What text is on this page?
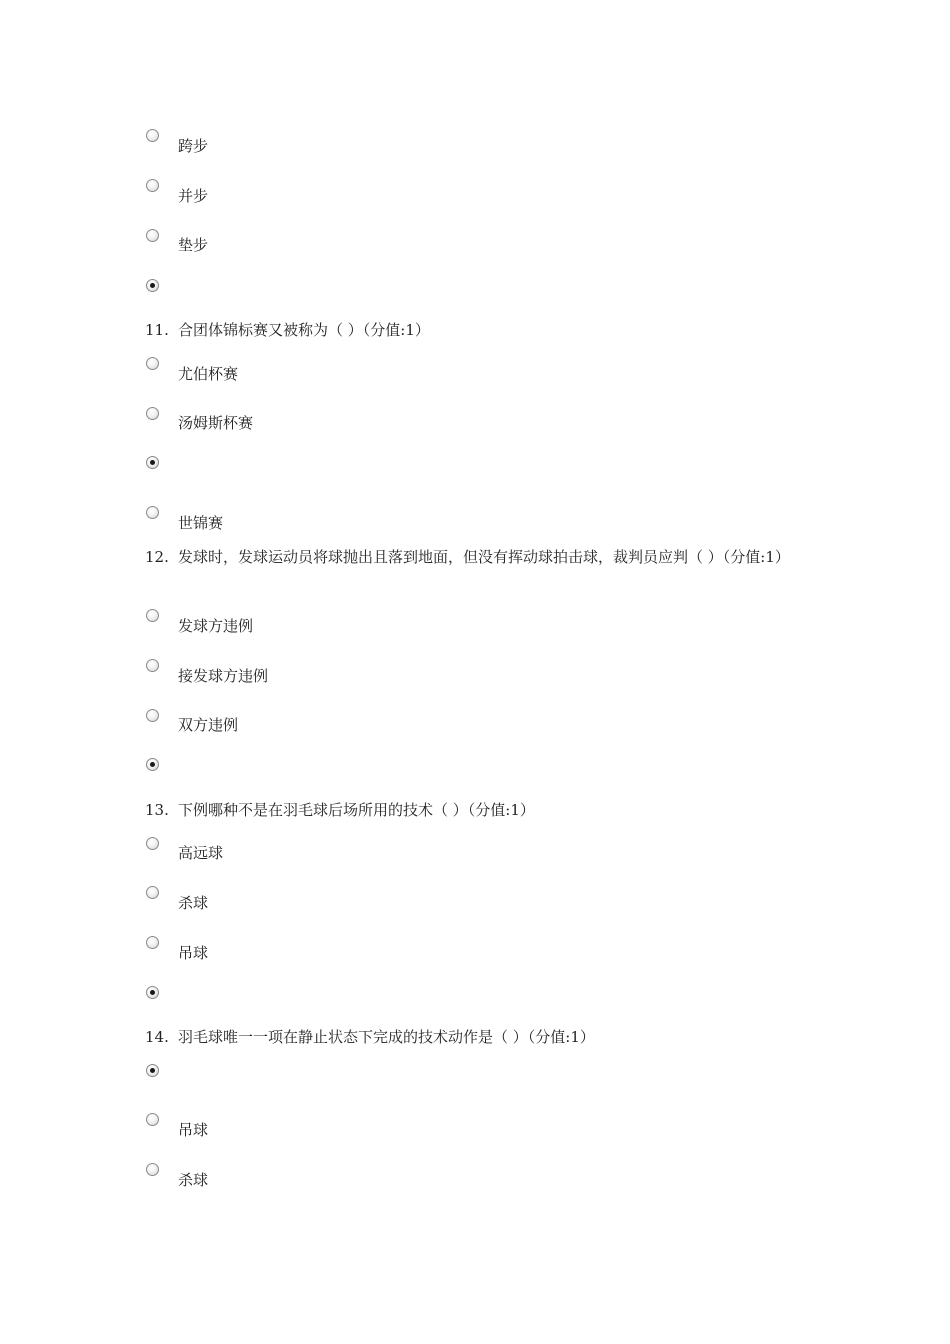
跨步
并步
垫步
11. 合团体锦标赛又被称为（ ）（分值:1）
尤伯杯赛
汤姆斯杯赛
世锦赛
12. 发球时，发球运动员将球抛出且落到地面，但没有挥动球拍击球，裁判员应判（ ）（分值:1）
发球方违例
接发球方违例
双方违例
13. 下例哪种不是在羽毛球后场所用的技术（ ）（分值:1）
高远球
杀球
吊球
14. 羽毛球唯一一项在静止状态下完成的技术动作是（ ）（分值:1）
吊球
杀球
